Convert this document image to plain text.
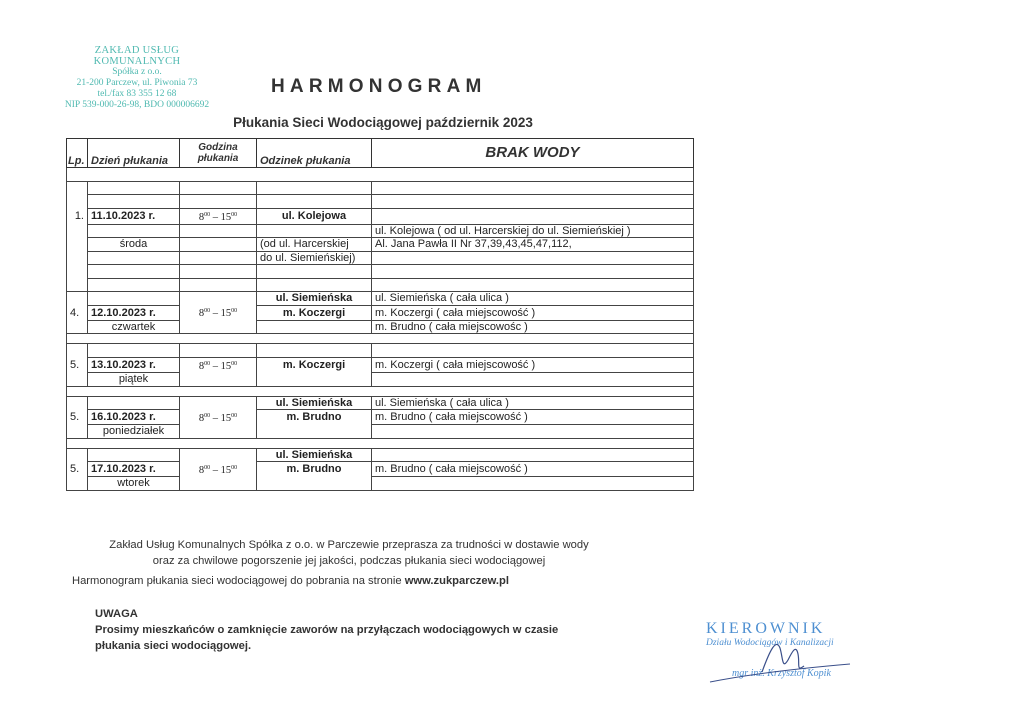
ZAKŁAD USŁUG KOMUNALNYCH
Spółka z o.o.
21-200 Parczew, ul. Piwonia 73
tel./fax 83 355 12 68
NIP 539-000-26-98, BDO 000006692
HARMONOGRAM
Płukania Sieci Wodociągowej październik 2023
Lp.	Dzień płukania	Godzina
płukania	Odzinek płukania	BRAK WODY

1.	11.10.2023 r.	$8^{00} - 15^{00}$	ul. Kolejowa	
				ul. Kolejowa ( od ul. Harcerskiej do ul. Siemieńskiej )
	środa		(od ul. Harcerskiej	Al. Jana Pawła II Nr 37,39,43,45,47,112,
			do ul. Siemieńskiej)	

			ul. Siemieńska	ul. Siemieńska ( cała ulica )
4.	12.10.2023 r.	$8^{00} - 15^{00}$	m. Koczergi	m. Koczergi ( cała miejscowość )
	czwartek			m. Brudno ( cała miejscowośc )

5.	13.10.2023 r.	$8^{00} - 15^{00}$	m. Koczergi	m. Koczergi ( cała miejscowość )
	piątek			

			ul. Siemieńska	ul. Siemieńska ( cała ulica )
5.	16.10.2023 r.	$8^{00} - 15^{00}$	m. Brudno	m. Brudno ( cała miejscowość )
	poniedziałek			

			ul. Siemieńska	
5.	17.10.2023 r.	$8^{00} - 15^{00}$	m. Brudno	m. Brudno ( cała miejscowość )
	wtorek			
Zakład Usług Komunalnych Spółka z o.o. w Parczewie przeprasza za trudności w dostawie wody
oraz za chwilowe pogorszenie jej jakości, podczas płukania sieci wodociągowej
Harmonogram płukania sieci wodociągowej do pobrania na stronie www.zukparczew.pl
UWAGA
Prosimy mieszkańców o zamknięcie zaworów na przyłączach wodociągowych w czasie
płukania sieci wodociągowej.
KIEROWNIK
Działu Wodociągów i Kanalizacji
mgr inż. Krzysztof Kopik
